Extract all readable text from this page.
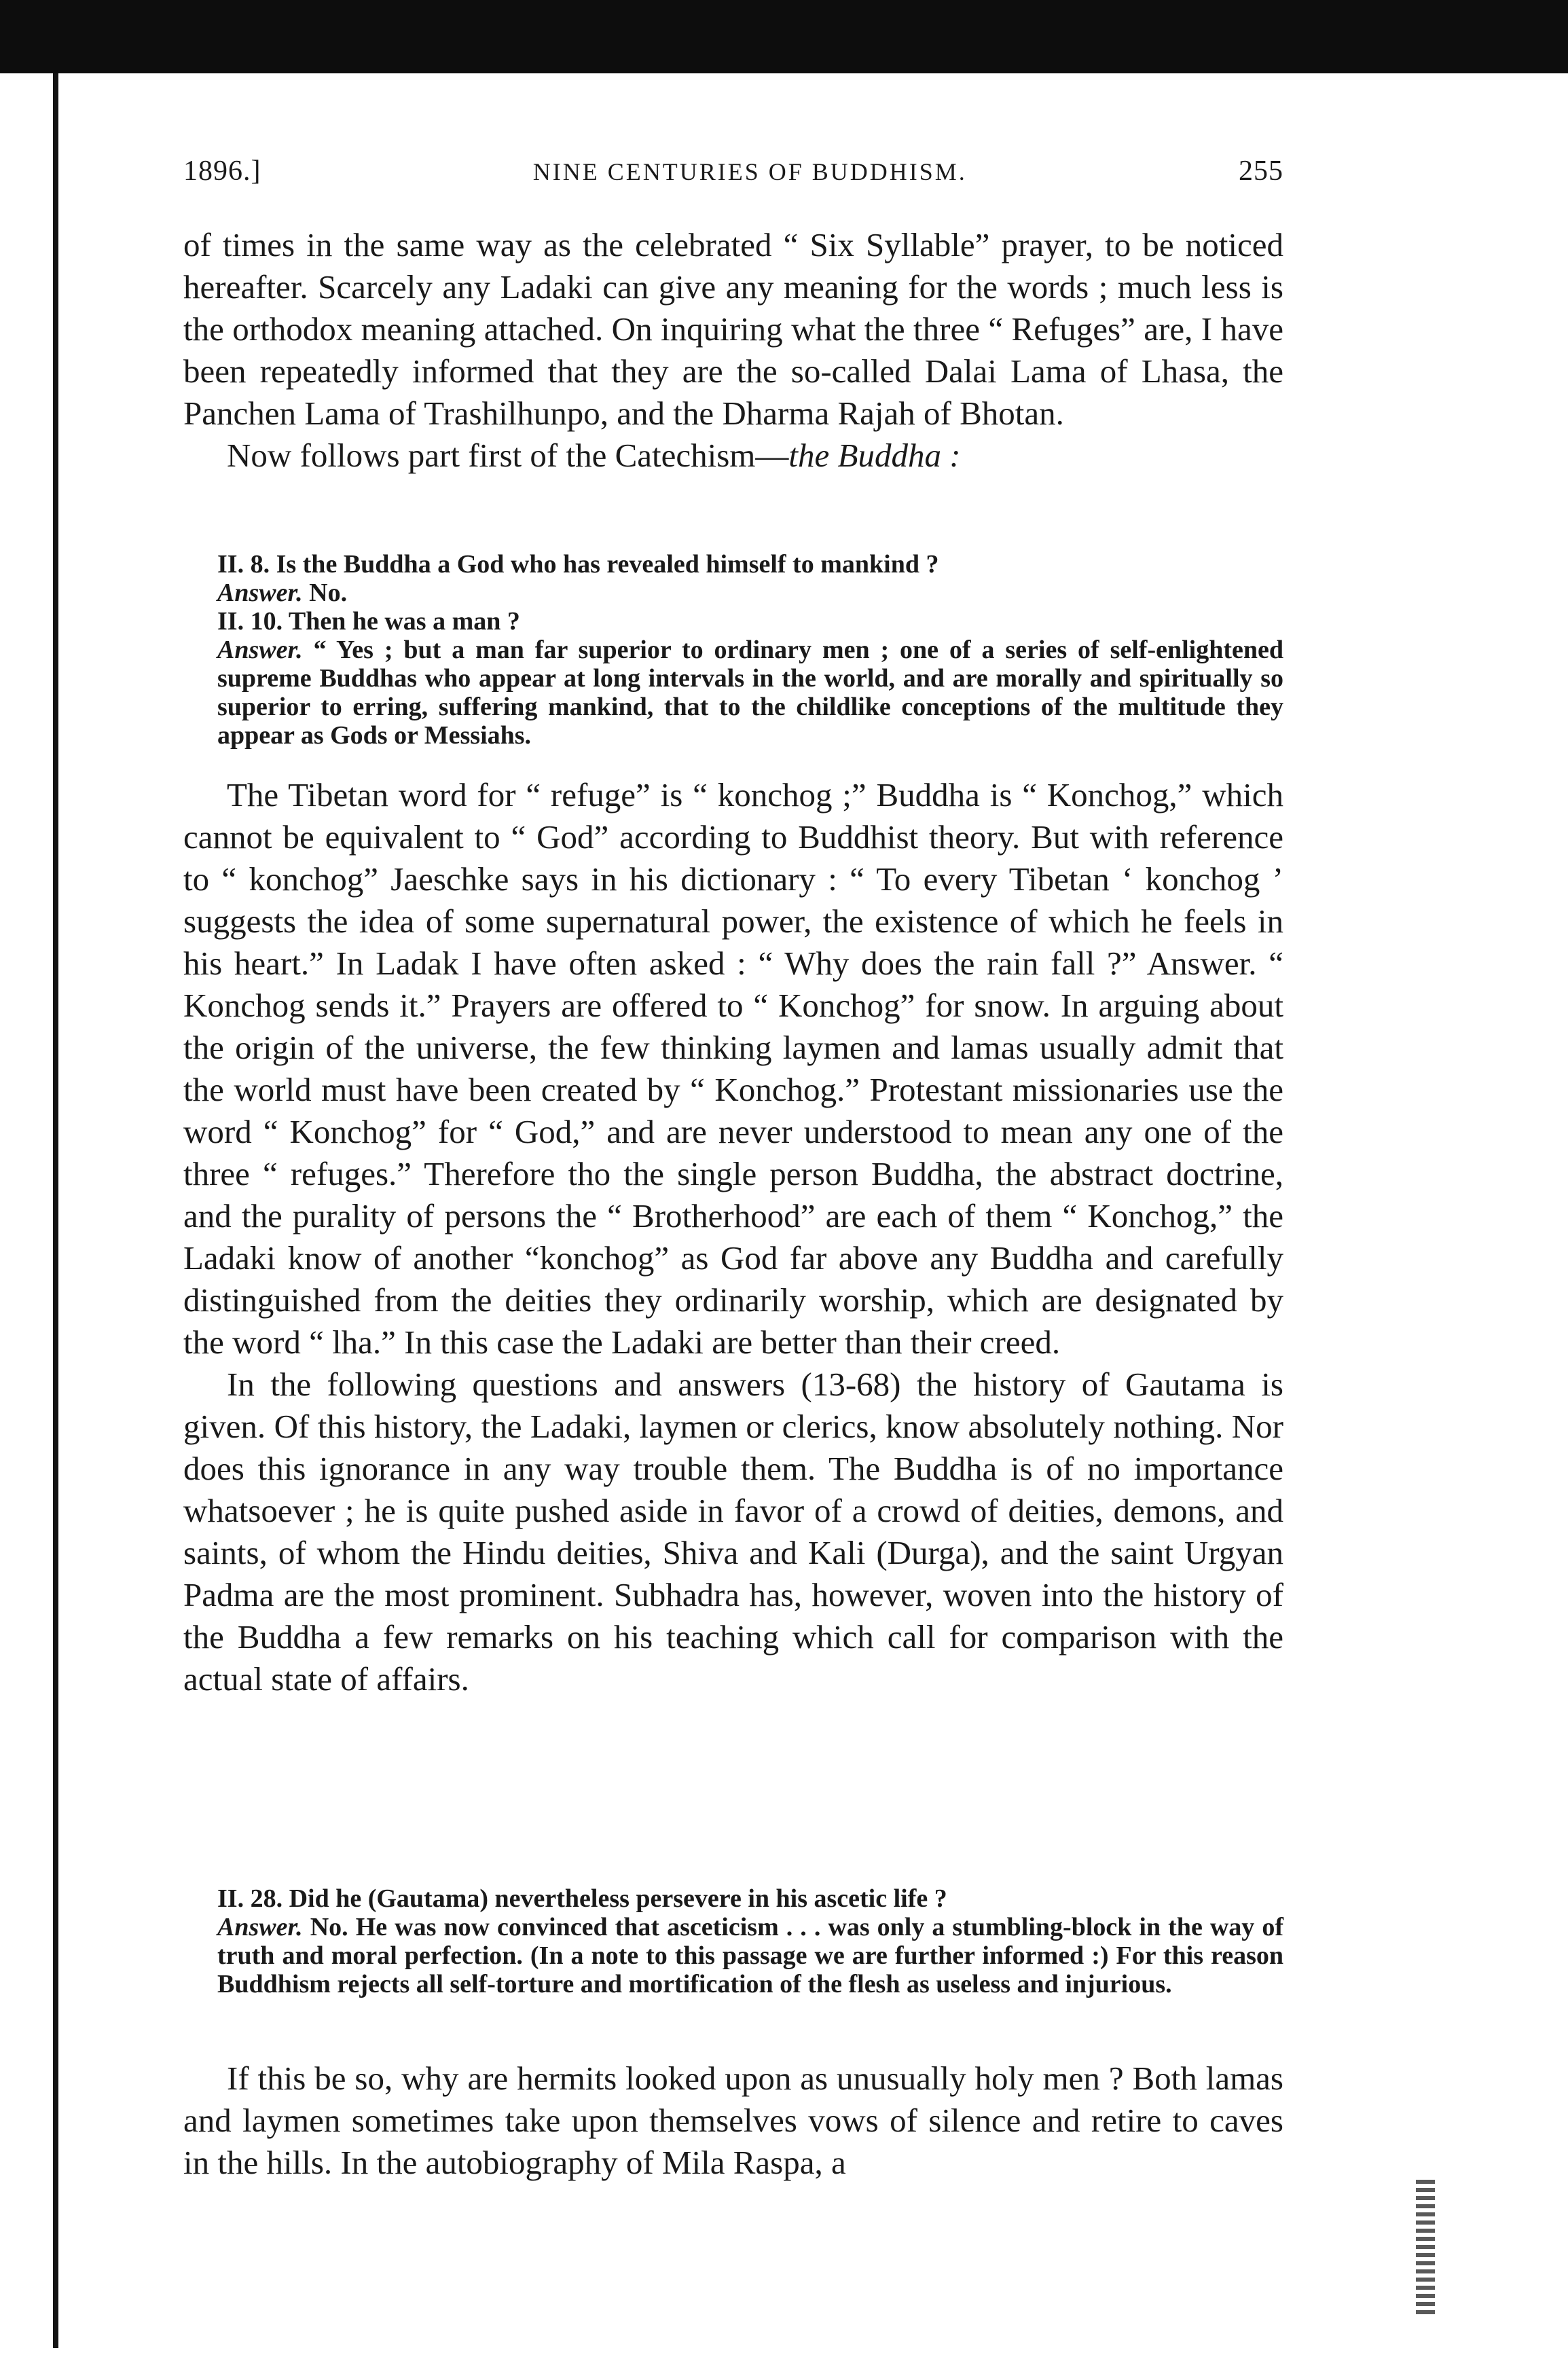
1896.]	NINE CENTURIES OF BUDDHISM.	255

of times in the same way as the celebrated “ Six Syllable” prayer, to be noticed hereafter. Scarcely any Ladaki can give any meaning for the words ; much less is the orthodox meaning attached. On inquiring what the three “ Refuges” are, I have been repeatedly informed that they are the so-called Dalai Lama of Lhasa, the Panchen Lama of Trashilhunpo, and the Dharma Rajah of Bhotan.

Now follows part first of the Catechism—the Buddha :

II. 8. Is the Buddha a God who has revealed himself to mankind ?

Answer. No.

II. 10. Then he was a man ?

Answer. “ Yes ; but a man far superior to ordinary men ; one of a series of self-enlightened supreme Buddhas who appear at long intervals in the world, and are morally and spiritually so superior to erring, suffering mankind, that to the childlike conceptions of the multitude they appear as Gods or Messiahs.

The Tibetan word for “ refuge” is “ konchog ;” Buddha is “ Konchog,” which cannot be equivalent to “ God” according to Buddhist theory. But with reference to “ konchog” Jaeschke says in his dictionary : “ To every Tibetan ‘ konchog ’ suggests the idea of some supernatural power, the existence of which he feels in his heart.” In Ladak I have often asked : “ Why does the rain fall ?” Answer. “ Konchog sends it.” Prayers are offered to “ Konchog” for snow. In arguing about the origin of the universe, the few thinking laymen and lamas usually admit that the world must have been created by “ Konchog.” Protestant missionaries use the word “ Konchog” for “ God,” and are never understood to mean any one of the three “ refuges.” Therefore tho the single person Buddha, the abstract doctrine, and the purality of persons the “ Brotherhood” are each of them “ Konchog,” the Ladaki know of another “konchog” as God far above any Buddha and carefully distinguished from the deities they ordinarily worship, which are designated by the word “ lha.” In this case the Ladaki are better than their creed.

In the following questions and answers (13-68) the history of Gautama is given. Of this history, the Ladaki, laymen or clerics, know absolutely nothing. Nor does this ignorance in any way trouble them. The Buddha is of no importance whatsoever ; he is quite pushed aside in favor of a crowd of deities, demons, and saints, of whom the Hindu deities, Shiva and Kali (Durga), and the saint Urgyan Padma are the most prominent. Subhadra has, however, woven into the history of the Buddha a few remarks on his teaching which call for comparison with the actual state of affairs.

II. 28. Did he (Gautama) nevertheless persevere in his ascetic life ?

Answer. No. He was now convinced that asceticism . . . was only a stumbling-block in the way of truth and moral perfection. (In a note to this passage we are further informed :) For this reason Buddhism rejects all self-torture and mortification of the flesh as useless and injurious.

If this be so, why are hermits looked upon as unusually holy men ? Both lamas and laymen sometimes take upon themselves vows of silence and retire to caves in the hills. In the autobiography of Mila Raspa, a
